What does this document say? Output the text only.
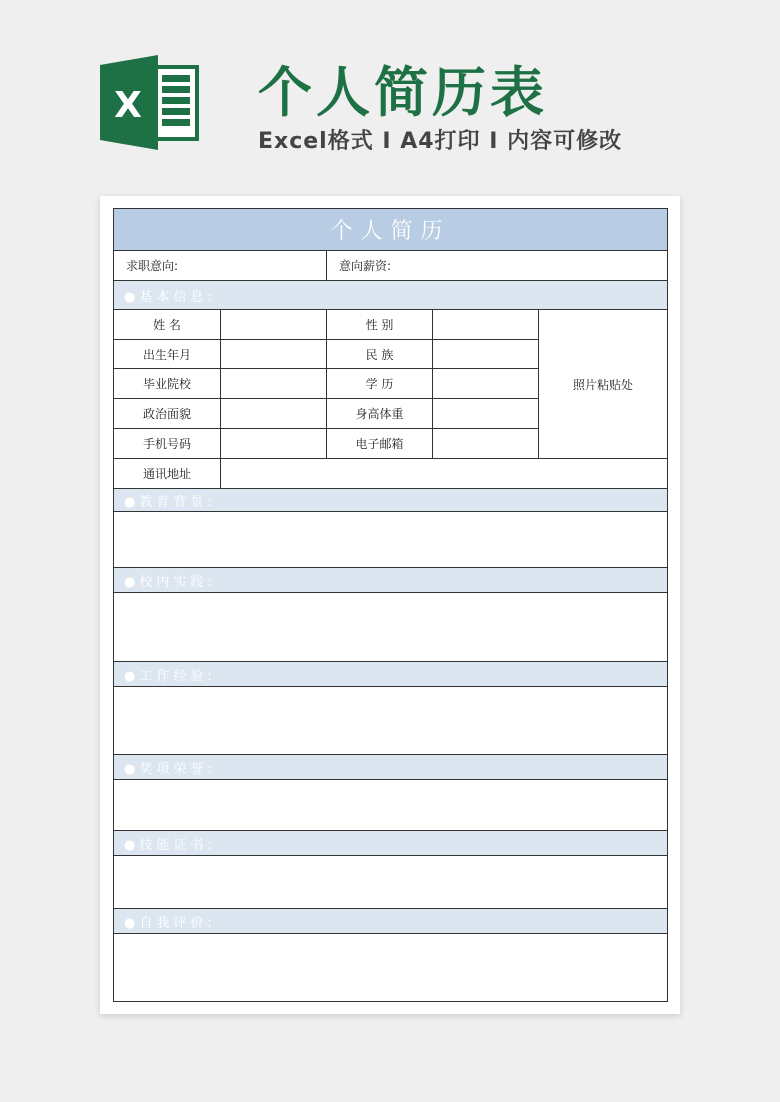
X 个人简历表
Excel格式 I A4打印 I 内容可修改
个人简历
求职意向:	意向薪资:
●基本信息:
姓 名	性 别
出生年月	民 族
毕业院校	学 历
政治面貌	身高体重
手机号码	电子邮箱
照片粘贴处
通讯地址
●教育背景:
●校内实践:
●工作经验:
●奖项荣誉:
●技能证书:
●自我评价:
